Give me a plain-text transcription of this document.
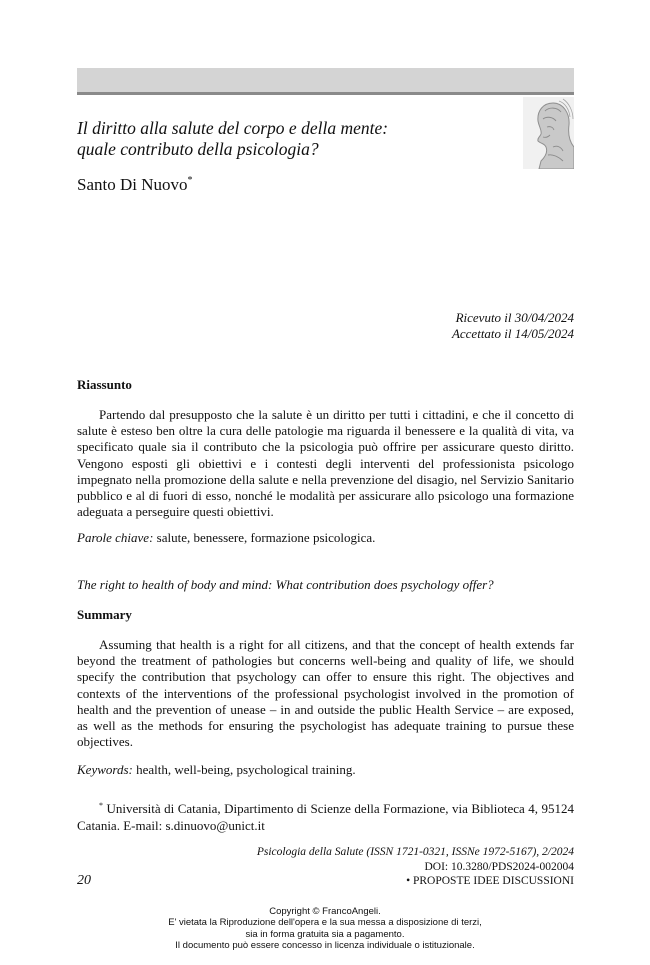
Il diritto alla salute del corpo e della mente:
quale contributo della psicologia?
Santo Di Nuovo*
Ricevuto il 30/04/2024
Accettato il 14/05/2024
Riassunto

Partendo dal presupposto che la salute è un diritto per tutti i cittadini, e che il concetto di salute è esteso ben oltre la cura delle patologie ma riguarda il benessere e la qualità di vita, va specificato quale sia il contributo che la psicologia può offrire per assicurare questo diritto. Vengono esposti gli obiettivi e i contesti degli interventi del professionista psicologo impegnato nella promozione della salute e nella prevenzione del disagio, nel Servizio Sanitario pubblico e al di fuori di esso, nonché le modalità per assicurare allo psicologo una formazione adeguata a perseguire questi obiettivi.

Parole chiave: salute, benessere, formazione psicologica.
The right to health of body and mind: What contribution does psychology offer?
Summary

Assuming that health is a right for all citizens, and that the concept of health extends far beyond the treatment of pathologies but concerns well-being and quality of life, we should specify the contribution that psychology can offer to ensure this right. The objectives and contexts of the interventions of the professional psychologist involved in the promotion of health and the prevention of unease – in and outside the public Health Service – are exposed, as well as the methods for ensuring the psychologist has adequate training to pursue these objectives.

Keywords: health, well-being, psychological training.

* Università di Catania, Dipartimento di Scienze della Formazione, via Biblioteca 4, 95124 Catania. E-mail: s.dinuovo@unict.it

Psicologia della Salute (ISSN 1721-0321, ISSNe 1972-5167), 2/2024
DOI: 10.3280/PDS2024-002004
20	• PROPOSTE IDEE DISCUSSIONI
Copyright © FrancoAngeli.
E' vietata la Riproduzione dell'opera e la sua messa a disposizione di terzi,
sia in forma gratuita sia a pagamento.
Il documento può essere concesso in licenza individuale o istituzionale.
